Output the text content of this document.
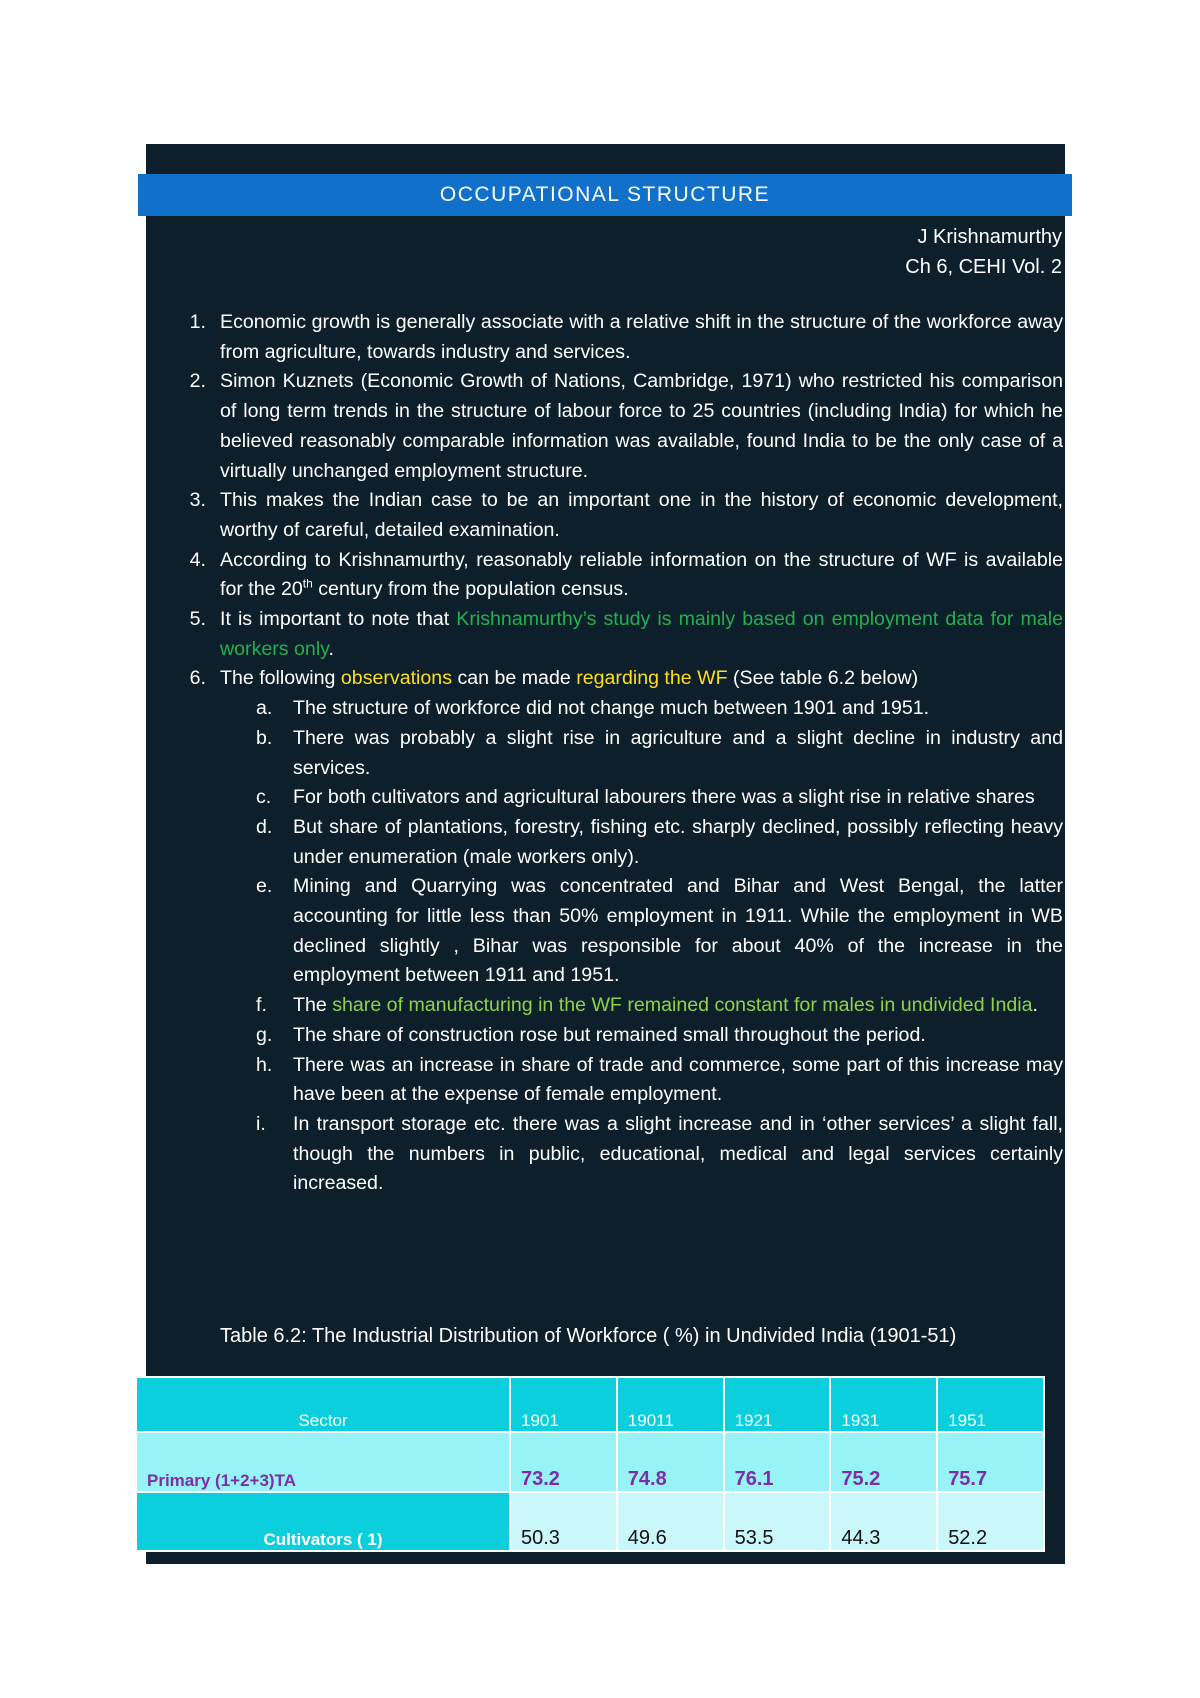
OCCUPATIONAL STRUCTURE
J Krishnamurthy
Ch 6, CEHI Vol. 2
1. Economic growth is generally associate with a relative shift in the structure of the workforce away from agriculture, towards industry and services.
2. Simon Kuznets (Economic Growth of Nations, Cambridge, 1971) who restricted his comparison of long term trends in the structure of labour force to 25 countries (including India) for which he believed reasonably comparable information was available, found India to be the only case of a virtually unchanged employment structure.
3. This makes the Indian case to be an important one in the history of economic development, worthy of careful, detailed examination.
4. According to Krishnamurthy, reasonably reliable information on the structure of WF is available for the 20th century from the population census.
5. It is important to note that Krishnamurthy’s study is mainly based on employment data for male workers only.
6. The following observations can be made regarding the WF (See table 6.2 below)
a. The structure of workforce did not change much between 1901 and 1951.
b. There was probably a slight rise in agriculture and a slight decline in industry and services.
c. For both cultivators and agricultural labourers there was a slight rise in relative shares
d. But share of plantations, forestry, fishing etc. sharply declined, possibly reflecting heavy under enumeration (male workers only).
e. Mining and Quarrying was concentrated and Bihar and West Bengal, the latter accounting for little less than 50% employment in 1911. While the employment in WB declined slightly , Bihar was responsible for about 40% of the increase in the employment between 1911 and 1951.
f. The share of manufacturing in the WF remained constant for males in undivided India.
g. The share of construction rose but remained small throughout the period.
h. There was an increase in share of trade and commerce, some part of this increase may have been at the expense of female employment.
i. In transport storage etc. there was a slight increase and in ‘other services’ a slight fall, though the numbers in public, educational, medical and legal services certainly increased.
Table 6.2: The Industrial Distribution of Workforce ( %) in Undivided India (1901-51)
Sector	1901	19011	1921	1931	1951
Primary (1+2+3)TA	73.2	74.8	76.1	75.2	75.7
Cultivators ( 1)	50.3	49.6	53.5	44.3	52.2
